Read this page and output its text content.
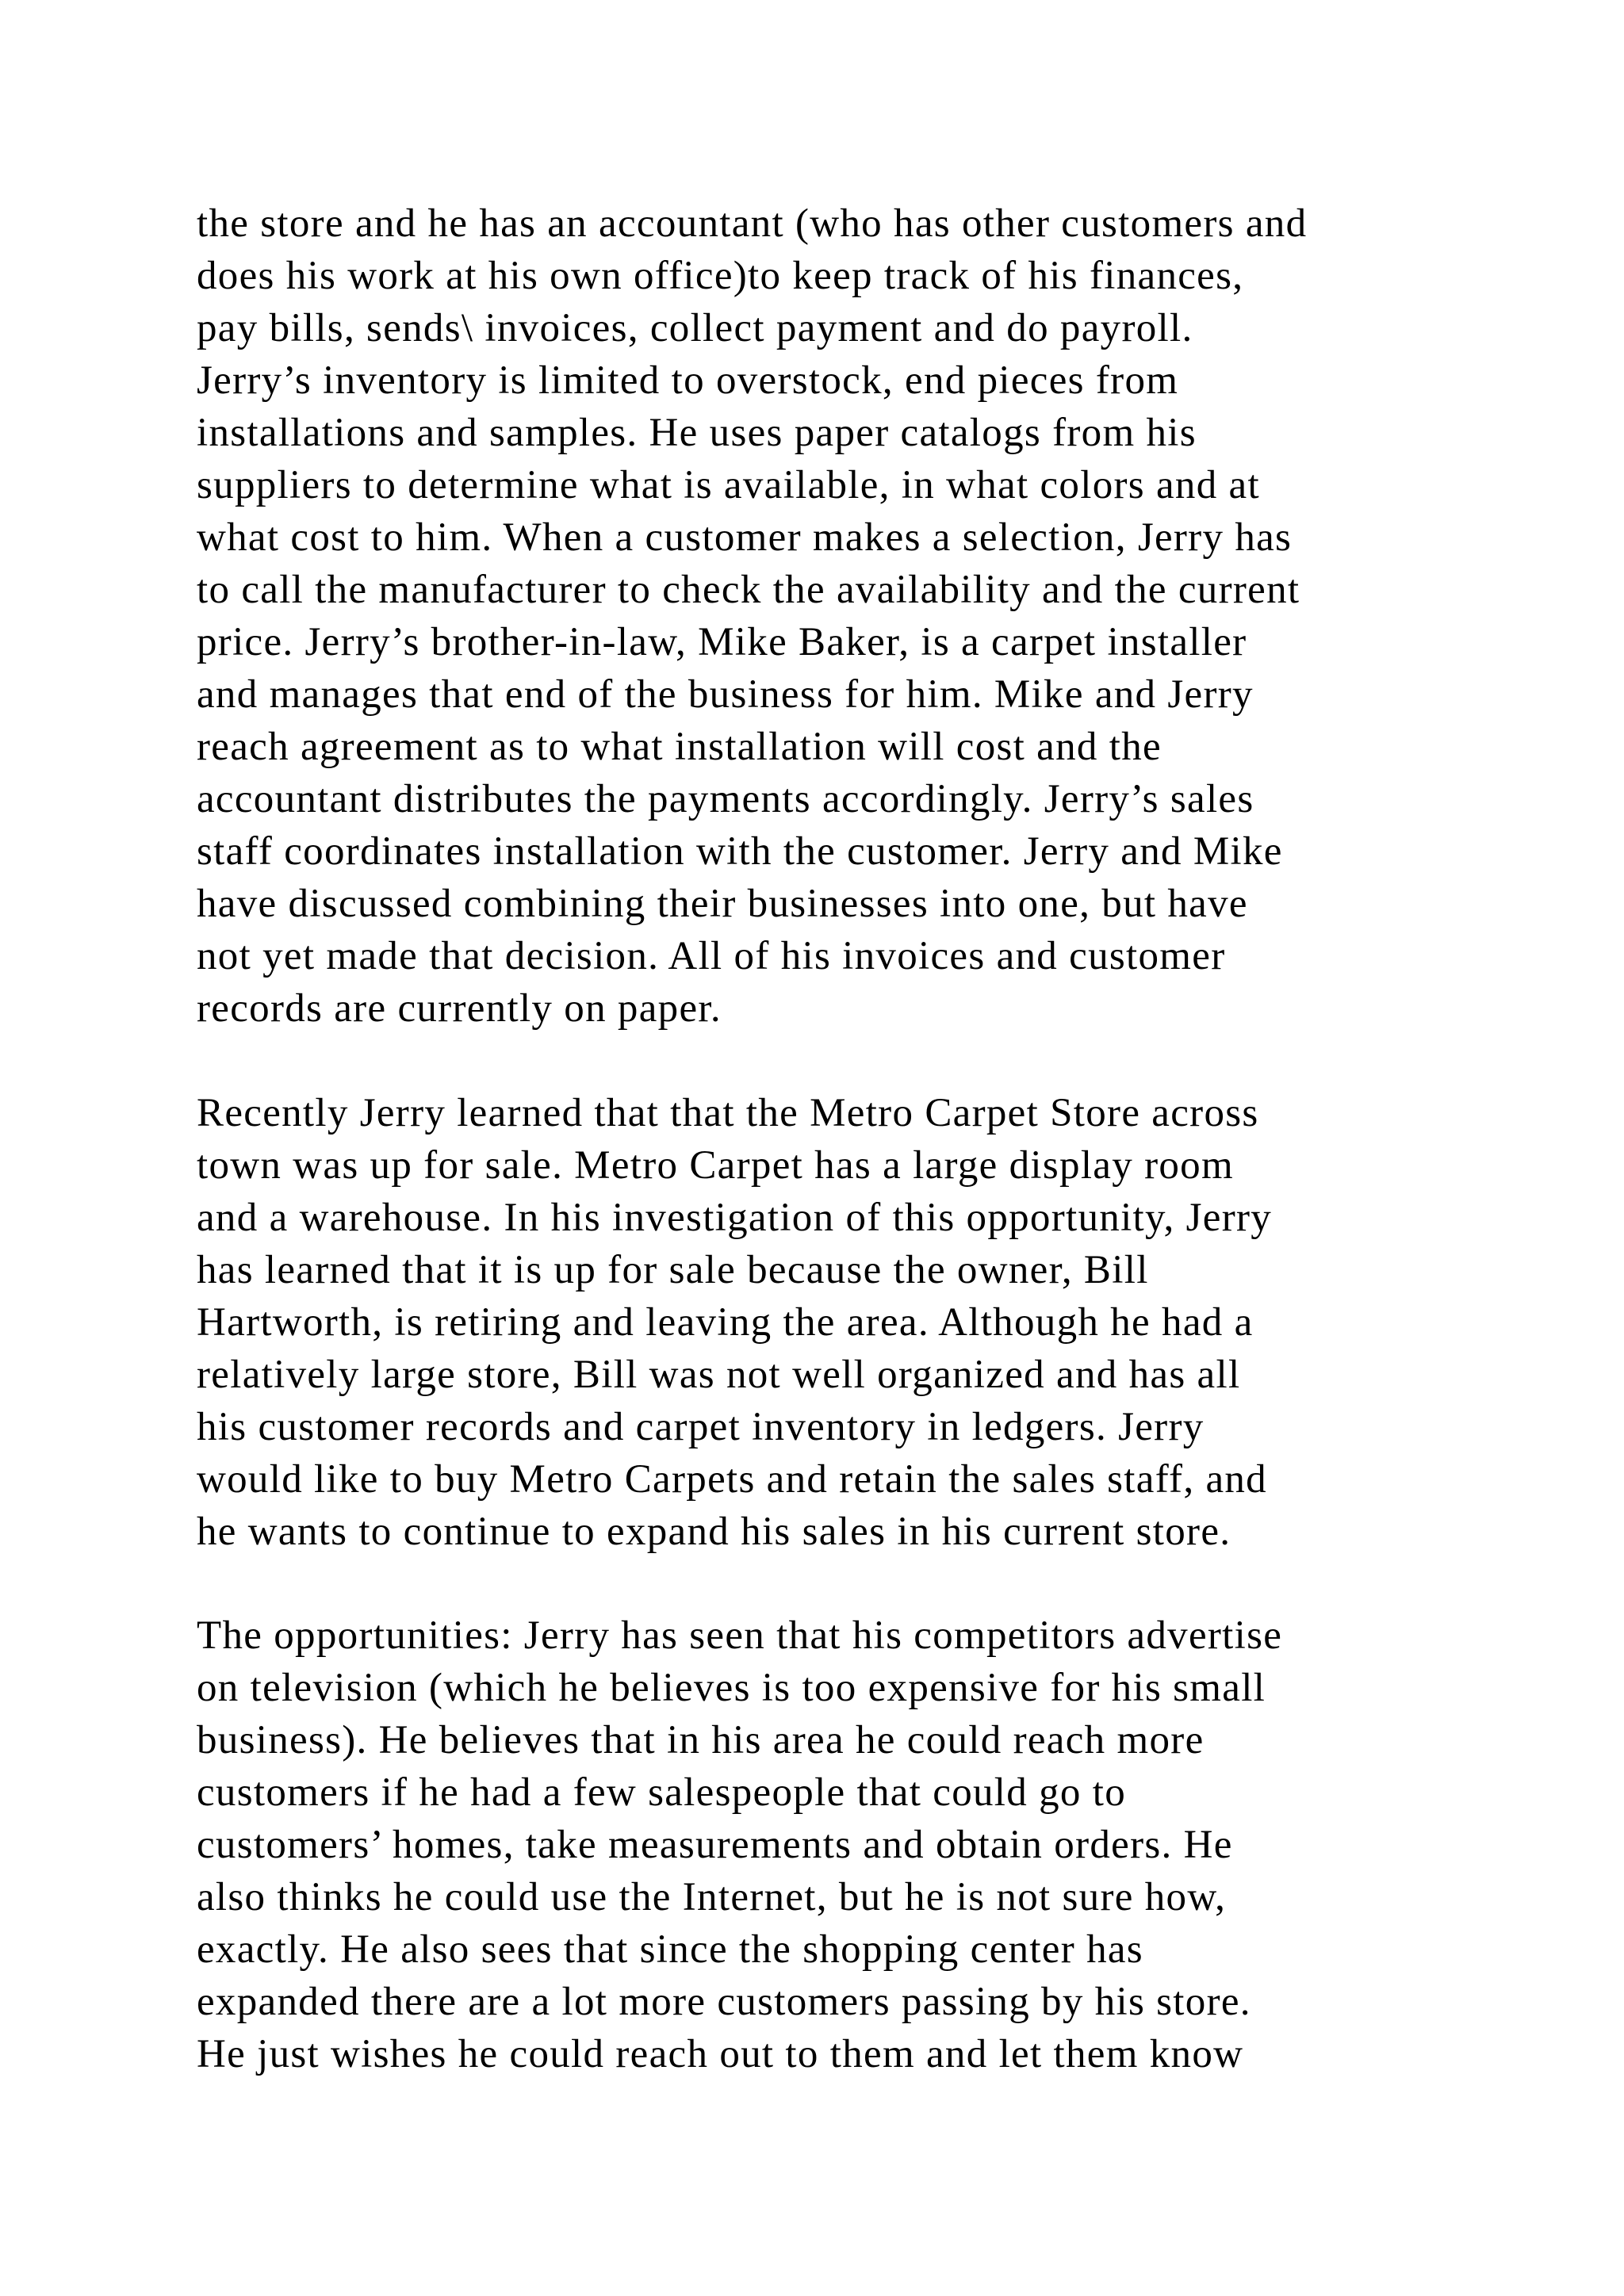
the store and he has an accountant (who has other customers and
does his work at his own office)to keep track of his finances,
pay bills, sends\ invoices, collect payment and do payroll.
Jerry’s inventory is limited to overstock, end pieces from
installations and samples. He uses paper catalogs from his
suppliers to determine what is available, in what colors and at
what cost to him. When a customer makes a selection, Jerry has
to call the manufacturer to check the availability and the current
price. Jerry’s brother-in-law, Mike Baker, is a carpet installer
and manages that end of the business for him. Mike and Jerry
reach agreement as to what installation will cost and the
accountant distributes the payments accordingly. Jerry’s sales
staff coordinates installation with the customer. Jerry and Mike
have discussed combining their businesses into one, but have
not yet made that decision. All of his invoices and customer
records are currently on paper.
Recently Jerry learned that that the Metro Carpet Store across
town was up for sale. Metro Carpet has a large display room
and a warehouse. In his investigation of this opportunity, Jerry
has learned that it is up for sale because the owner, Bill
Hartworth, is retiring and leaving the area. Although he had a
relatively large store, Bill was not well organized and has all
his customer records and carpet inventory in ledgers. Jerry
would like to buy Metro Carpets and retain the sales staff, and
he wants to continue to expand his sales in his current store.
The opportunities: Jerry has seen that his competitors advertise
on television (which he believes is too expensive for his small
business). He believes that in his area he could reach more
customers if he had a few salespeople that could go to
customers’ homes, take measurements and obtain orders. He
also thinks he could use the Internet, but he is not sure how,
exactly. He also sees that since the shopping center has
expanded there are a lot more customers passing by his store.
He just wishes he could reach out to them and let them know
